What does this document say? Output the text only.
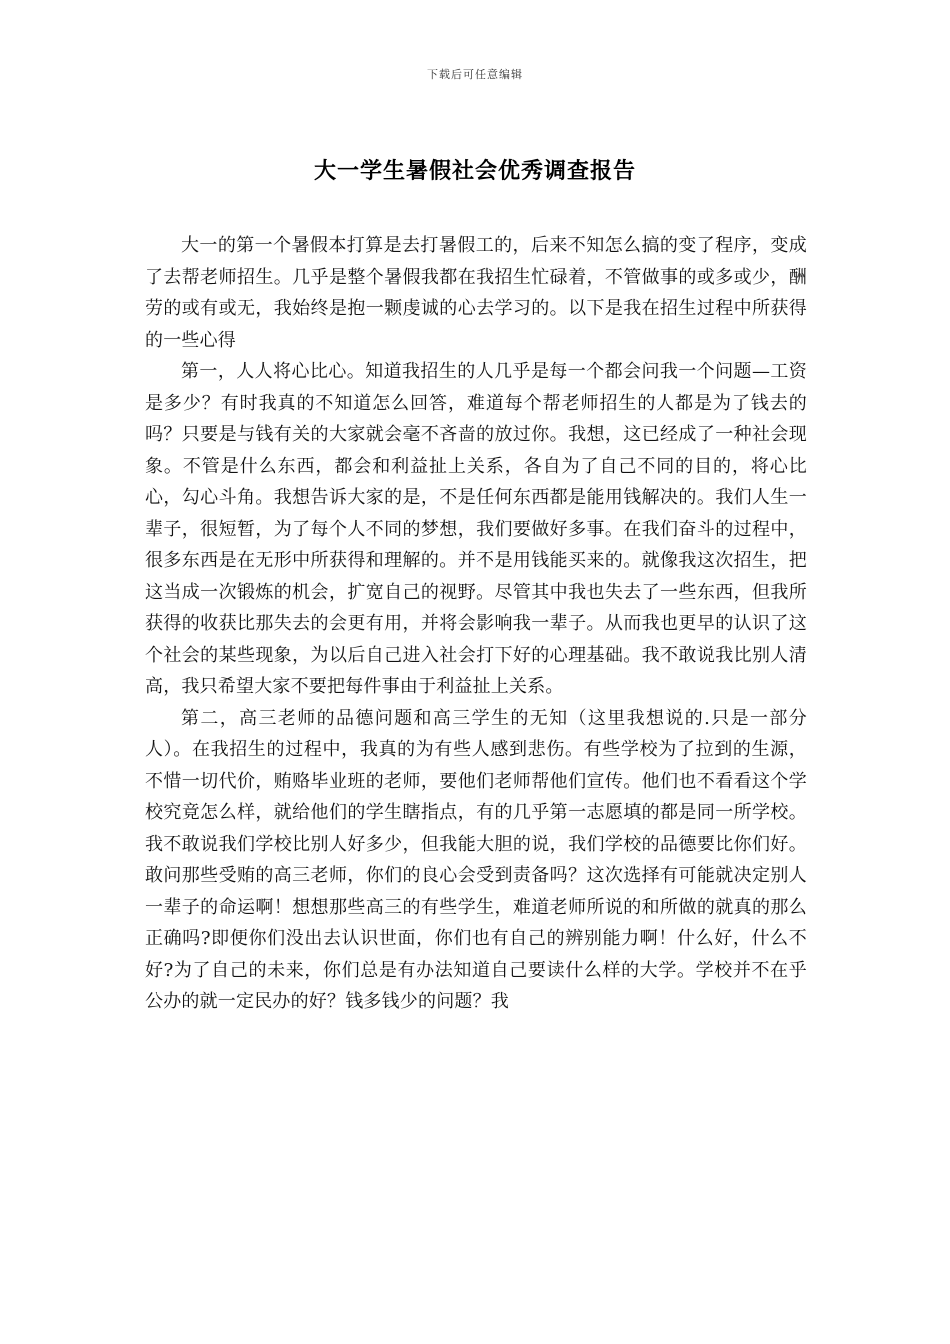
下载后可任意编辑
大一学生暑假社会优秀调查报告

大一的第一个暑假本打算是去打暑假工的，后来不知怎么搞的变了程序，变成了去帮老师招生。几乎是整个暑假我都在我招生忙碌着，不管做事的或多或少，酬劳的或有或无，我始终是抱一颗虔诚的心去学习的。以下是我在招生过程中所获得的一些心得

第一，人人将心比心。知道我招生的人几乎是每一个都会问我一个问题—工资是多少？有时我真的不知道怎么回答，难道每个帮老师招生的人都是为了钱去的吗？只要是与钱有关的大家就会毫不吝啬的放过你。我想，这已经成了一种社会现象。不管是什么东西，都会和利益扯上关系，各自为了自己不同的目的，将心比心，勾心斗角。我想告诉大家的是，不是任何东西都是能用钱解决的。我们人生一辈子，很短暂，为了每个人不同的梦想，我们要做好多事。在我们奋斗的过程中，很多东西是在无形中所获得和理解的。并不是用钱能买来的。就像我这次招生，把这当成一次锻炼的机会，扩宽自己的视野。尽管其中我也失去了一些东西，但我所获得的收获比那失去的会更有用，并将会影响我一辈子。从而我也更早的认识了这个社会的某些现象，为以后自己进入社会打下好的心理基础。我不敢说我比别人清高，我只希望大家不要把每件事由于利益扯上关系。

第二，高三老师的品德问题和高三学生的无知（这里我想说的.只是一部分人）。在我招生的过程中，我真的为有些人感到悲伤。有些学校为了拉到的生源，不惜一切代价，贿赂毕业班的老师，要他们老师帮他们宣传。他们也不看看这个学校究竟怎么样，就给他们的学生瞎指点，有的几乎第一志愿填的都是同一所学校。我不敢说我们学校比别人好多少，但我能大胆的说，我们学校的品德要比你们好。敢问那些受贿的高三老师，你们的良心会受到责备吗？这次选择有可能就决定别人一辈子的命运啊！想想那些高三的有些学生，难道老师所说的和所做的就真的那么正确吗?即便你们没出去认识世面，你们也有自己的辨别能力啊！什么好，什么不好?为了自己的未来，你们总是有办法知道自己要读什么样的大学。学校并不在乎公办的就一定民办的好？钱多钱少的问题？我
